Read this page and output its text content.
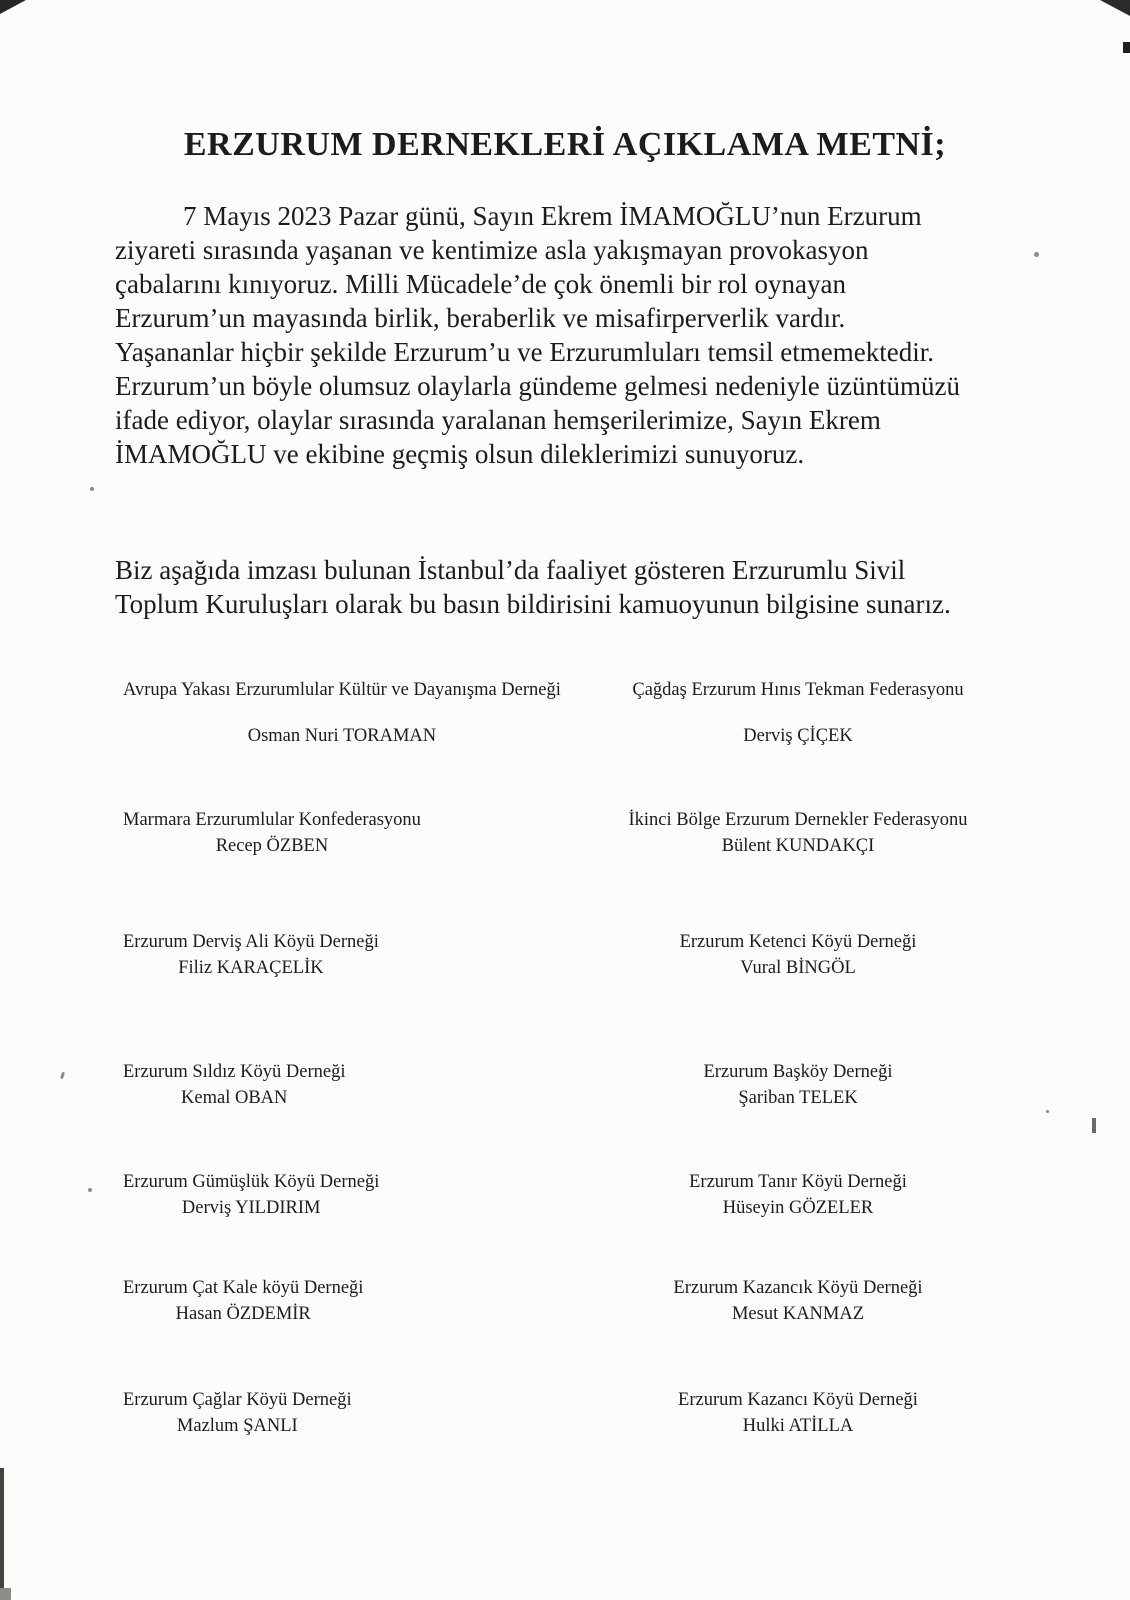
ERZURUM DERNEKLERİ AÇIKLAMA METNİ;

7 Mayıs 2023 Pazar günü, Sayın Ekrem İMAMOĞLU’nun Erzurum ziyareti sırasında yaşanan ve kentimize asla yakışmayan provokasyon çabalarını kınıyoruz. Milli Mücadele’de çok önemli bir rol oynayan Erzurum’un mayasında birlik, beraberlik ve misafirperverlik vardır. Yaşananlar hiçbir şekilde Erzurum’u ve Erzurumluları temsil etmemektedir. Erzurum’un böyle olumsuz olaylarla gündeme gelmesi nedeniyle üzüntümüzü ifade ediyor, olaylar sırasında yaralanan hemşerilerimize, Sayın Ekrem İMAMOĞLU ve ekibine geçmiş olsun dileklerimizi sunuyoruz.

Biz aşağıda imzası bulunan İstanbul’da faaliyet gösteren Erzurumlu Sivil Toplum Kuruluşları olarak bu basın bildirisini kamuoyunun bilgisine sunarız.

Avrupa Yakası Erzurumlular Kültür ve Dayanışma Derneği
Osman Nuri TORAMAN
Çağdaş Erzurum Hınıs Tekman Federasyonu
Derviş ÇİÇEK
Marmara Erzurumlular Konfederasyonu
Recep ÖZBEN
İkinci Bölge Erzurum Dernekler Federasyonu
Bülent KUNDAKÇI
Erzurum Derviş Ali Köyü Derneği
Filiz KARAÇELİK
Erzurum Ketenci Köyü Derneği
Vural BİNGÖL
Erzurum Sıldız Köyü Derneği
Kemal OBAN
Erzurum Başköy Derneği
Şariban TELEK
Erzurum Gümüşlük Köyü Derneği
Derviş YILDIRIM
Erzurum Tanır Köyü Derneği
Hüseyin GÖZELER
Erzurum Çat Kale köyü Derneği
Hasan ÖZDEMİR
Erzurum Kazancık Köyü Derneği
Mesut KANMAZ
Erzurum Çağlar Köyü Derneği
Mazlum ŞANLI
Erzurum Kazancı Köyü Derneği
Hulki ATİLLA
